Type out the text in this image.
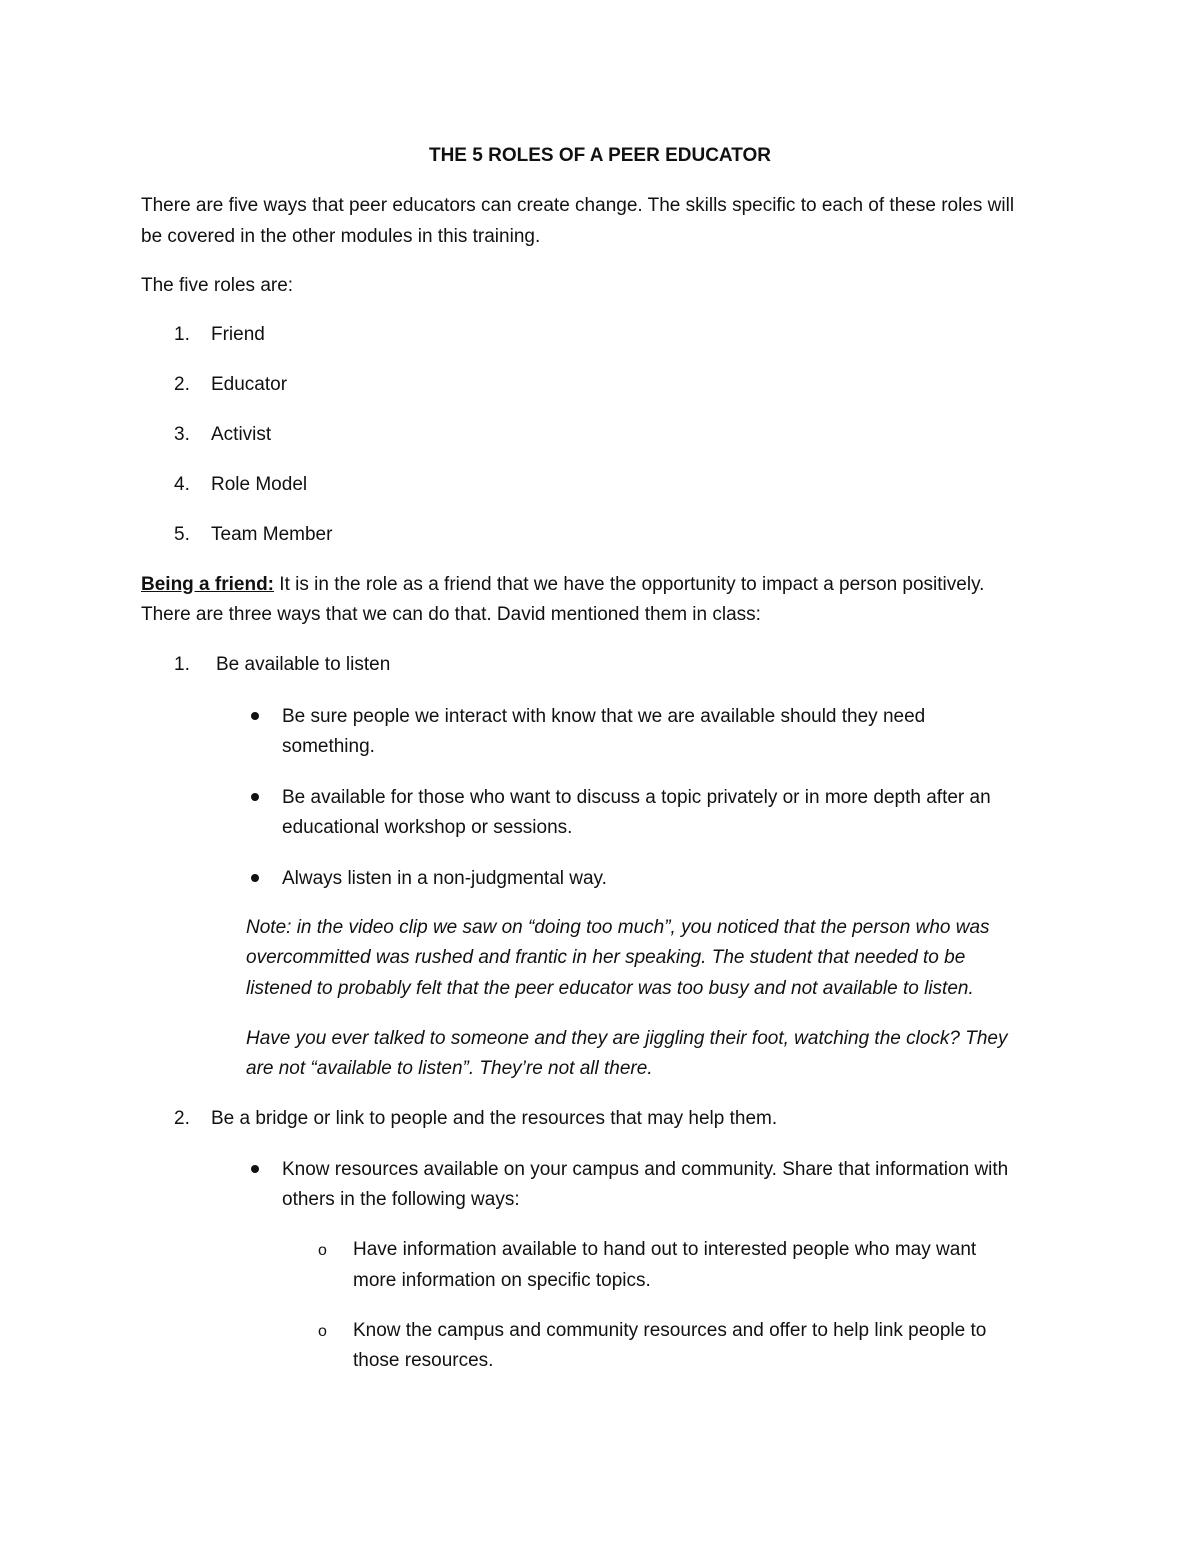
THE 5 ROLES OF A PEER EDUCATOR
There are five ways that peer educators can create change. The skills specific to each of these roles will
be covered in the other modules in this training.
The five roles are:
1.	Friend
2.	Educator
3.	Activist
4.	Role Model
5.	Team Member
Being a friend: It is in the role as a friend that we have the opportunity to impact a person positively.
There are three ways that we can do that. David mentioned them in class:
1.	Be available to listen
Be sure people we interact with know that we are available should they need
something.
Be available for those who want to discuss a topic privately or in more depth after an
educational workshop or sessions.
Always listen in a non-judgmental way.
Note: in the video clip we saw on “doing too much”, you noticed that the person who was
overcommitted was rushed and frantic in her speaking. The student that needed to be
listened to probably felt that the peer educator was too busy and not available to listen.
Have you ever talked to someone and they are jiggling their foot, watching the clock? They
are not “available to listen”. They’re not all there.
2.	Be a bridge or link to people and the resources that may help them.
Know resources available on your campus and community. Share that information with
others in the following ways:
o Have information available to hand out to interested people who may want
more information on specific topics.
o Know the campus and community resources and offer to help link people to
those resources.
